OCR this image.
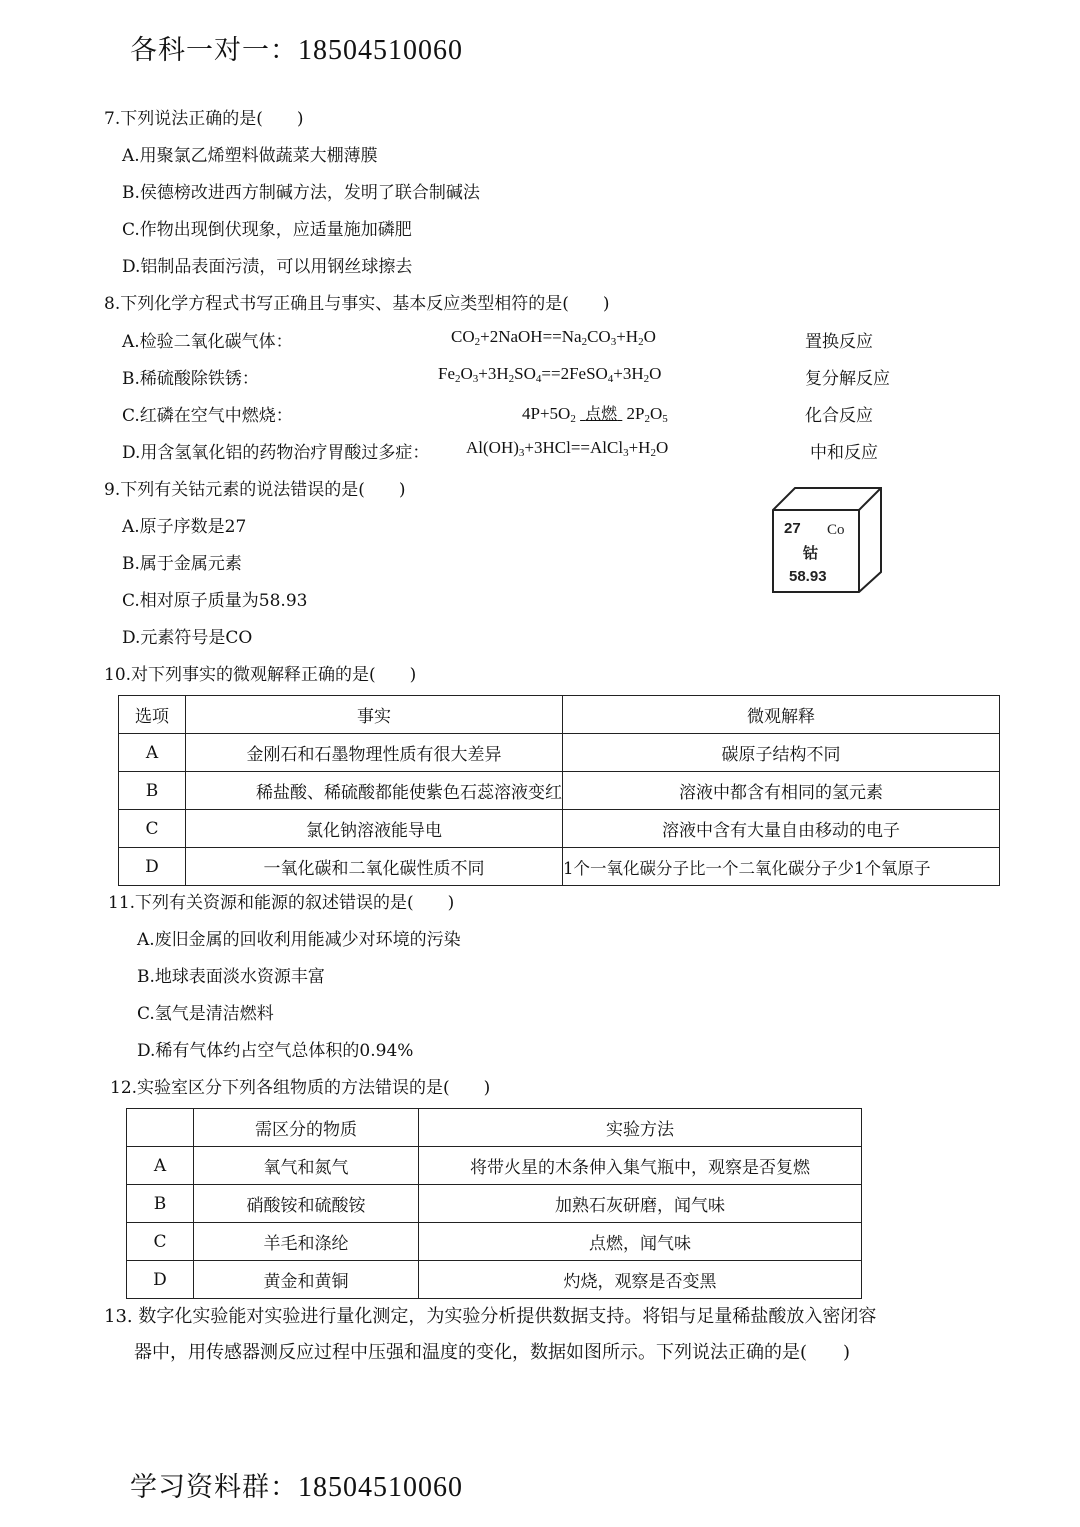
各科一对一：18504510060
7.下列说法正确的是(　　)
A.用聚氯乙烯塑料做蔬菜大棚薄膜
B.侯德榜改进西方制碱方法，发明了联合制碱法
C.作物出现倒伏现象，应适量施加磷肥
D.铝制品表面污渍，可以用钢丝球擦去
8.下列化学方程式书写正确且与事实、基本反应类型相符的是(　　)
A.检验二氧化碳气体：	$CO_2+2NaOH==Na_2CO_3+H_2O$	置换反应
B.稀硫酸除铁锈：	$Fe_2O_3+3H_2SO_4==2FeSO_4+3H_2O$	复分解反应
C.红磷在空气中燃烧：	$4P+5O_2$ 点燃  $2P_2O_5$	化合反应
D.用含氢氧化铝的药物治疗胃酸过多症： $Al(OH)_3+3HCl==AlCl_3+H_2O$	中和反应
9.下列有关钴元素的说法错误的是(　　)
A.原子序数是27
B.属于金属元素
C.相对原子质量为58.93
D.元素符号是CO
27 Co
钴
58.93
10.对下列事实的微观解释正确的是(　　)
选项	事实	微观解释
A	金刚石和石墨物理性质有很大差异	碳原子结构不同
B	稀盐酸、稀硫酸都能使紫色石蕊溶液变红	溶液中都含有相同的氢元素
C	氯化钠溶液能导电	溶液中含有大量自由移动的电子
D	一氧化碳和二氧化碳性质不同	1个一氧化碳分子比一个二氧化碳分子少1个氧原子
11.下列有关资源和能源的叙述错误的是(　　)
A.废旧金属的回收利用能减少对环境的污染
B.地球表面淡水资源丰富
C.氢气是清洁燃料
D.稀有气体约占空气总体积的0.94%
12.实验室区分下列各组物质的方法错误的是(　　)
	需区分的物质	实验方法
A	氧气和氮气	将带火星的木条伸入集气瓶中，观察是否复燃
B	硝酸铵和硫酸铵	加熟石灰研磨，闻气味
C	羊毛和涤纶	点燃，闻气味
D	黄金和黄铜	灼烧，观察是否变黑
13. 数字化实验能对实验进行量化测定，为实验分析提供数据支持。将铝与足量稀盐酸放入密闭容
器中，用传感器测反应过程中压强和温度的变化，数据如图所示。下列说法正确的是(　　)
学习资料群：18504510060
